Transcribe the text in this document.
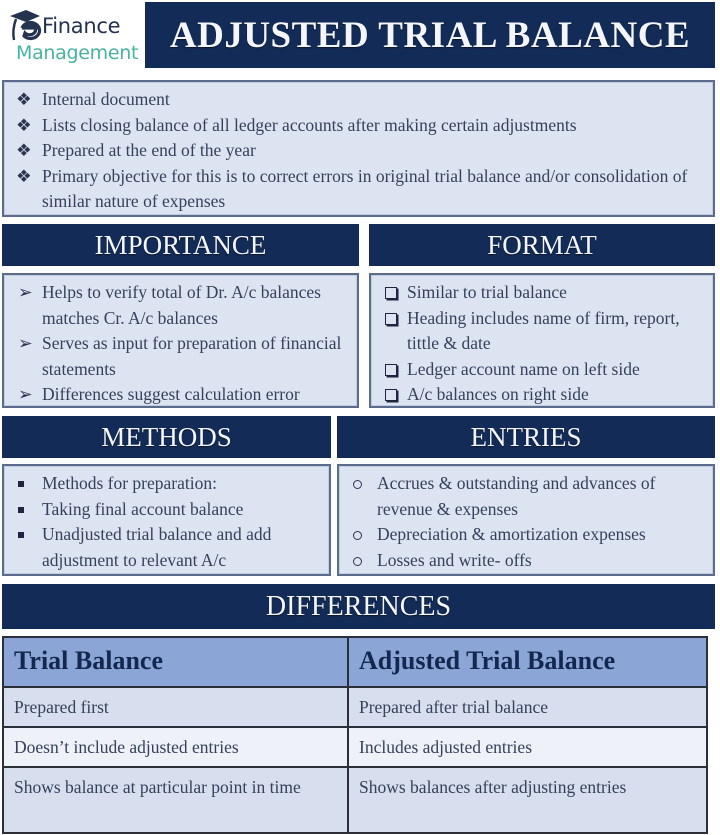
Finance
Management ADJUSTED TRIAL BALANCE
❖ Internal document
❖ Lists closing balance of all ledger accounts after making certain adjustments
❖ Prepared at the end of the year
❖ Primary objective for this is to correct errors in original trial balance and/or consolidation of similar nature of expenses
IMPORTANCE
➢ Helps to verify total of Dr. A/c balances matches Cr. A/c balances
➢ Serves as input for preparation of financial statements
➢ Differences suggest calculation error
FORMAT
Similar to trial balance
Heading includes name of firm, report, tittle & date
Ledger account name on left side
A/c balances on right side
METHODS
Methods for preparation:
Taking final account balance
Unadjusted trial balance and add adjustment to relevant A/c
ENTRIES
Accrues & outstanding and advances of revenue & expenses
Depreciation & amortization expenses
Losses and write- offs
DIFFERENCES
Trial Balance	Adjusted Trial Balance
Prepared first	Prepared after trial balance
Doesn’t include adjusted entries	Includes adjusted entries
Shows balance at particular point in time	Shows balances after adjusting entries
